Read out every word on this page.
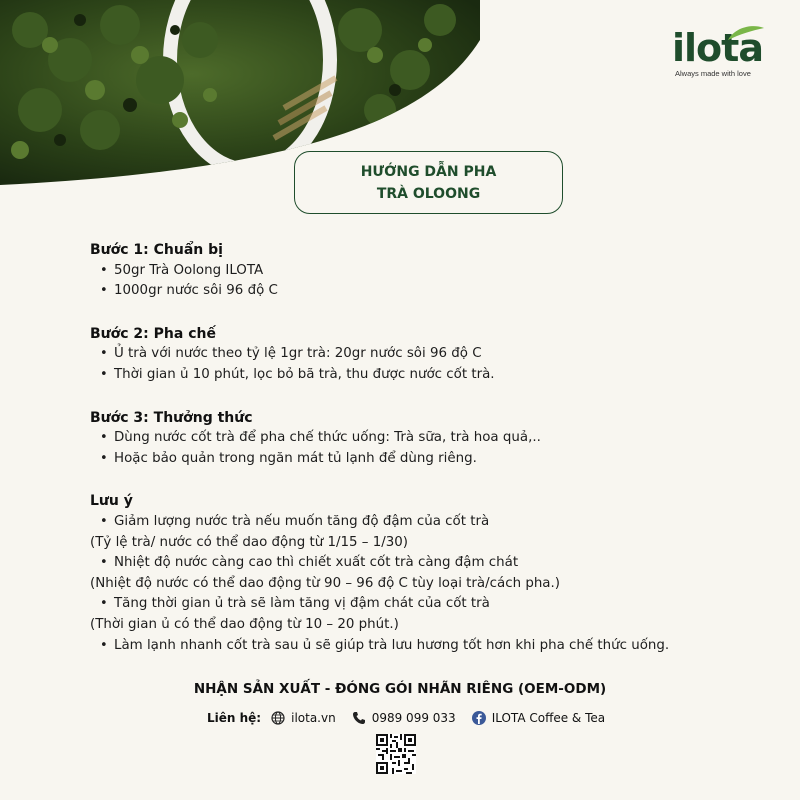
ilota
Always made with love
HƯỚNG DẪN PHA
TRÀ OLOONG
Bước 1: Chuẩn bị
• 50gr Trà Oolong ILOTA
• 1000gr nước sôi 96 độ C
Bước 2: Pha chế
• Ủ trà với nước theo tỷ lệ 1gr trà: 20gr nước sôi 96 độ C
• Thời gian ủ 10 phút, lọc bỏ bã trà, thu được nước cốt trà.
Bước 3: Thưởng thức
• Dùng nước cốt trà để pha chế thức uống: Trà sữa, trà hoa quả,..
• Hoặc bảo quản trong ngăn mát tủ lạnh để dùng riêng.
Lưu ý
• Giảm lượng nước trà nếu muốn tăng độ đậm của cốt trà
(Tỷ lệ trà/ nước có thể dao động từ 1/15 – 1/30)
• Nhiệt độ nước càng cao thì chiết xuất cốt trà càng đậm chát
(Nhiệt độ nước có thể dao động từ 90 – 96 độ C tùy loại trà/cách pha.)
• Tăng thời gian ủ trà sẽ làm tăng vị đậm chát của cốt trà
(Thời gian ủ có thể dao động từ 10 – 20 phút.)
• Làm lạnh nhanh cốt trà sau ủ sẽ giúp trà lưu hương tốt hơn khi pha chế thức uống.
NHẬN SẢN XUẤT - ĐÓNG GÓI NHÃN RIÊNG (OEM-ODM)
Liên hệ:	ilota.vn	0989 099 033	ILOTA Coffee & Tea
